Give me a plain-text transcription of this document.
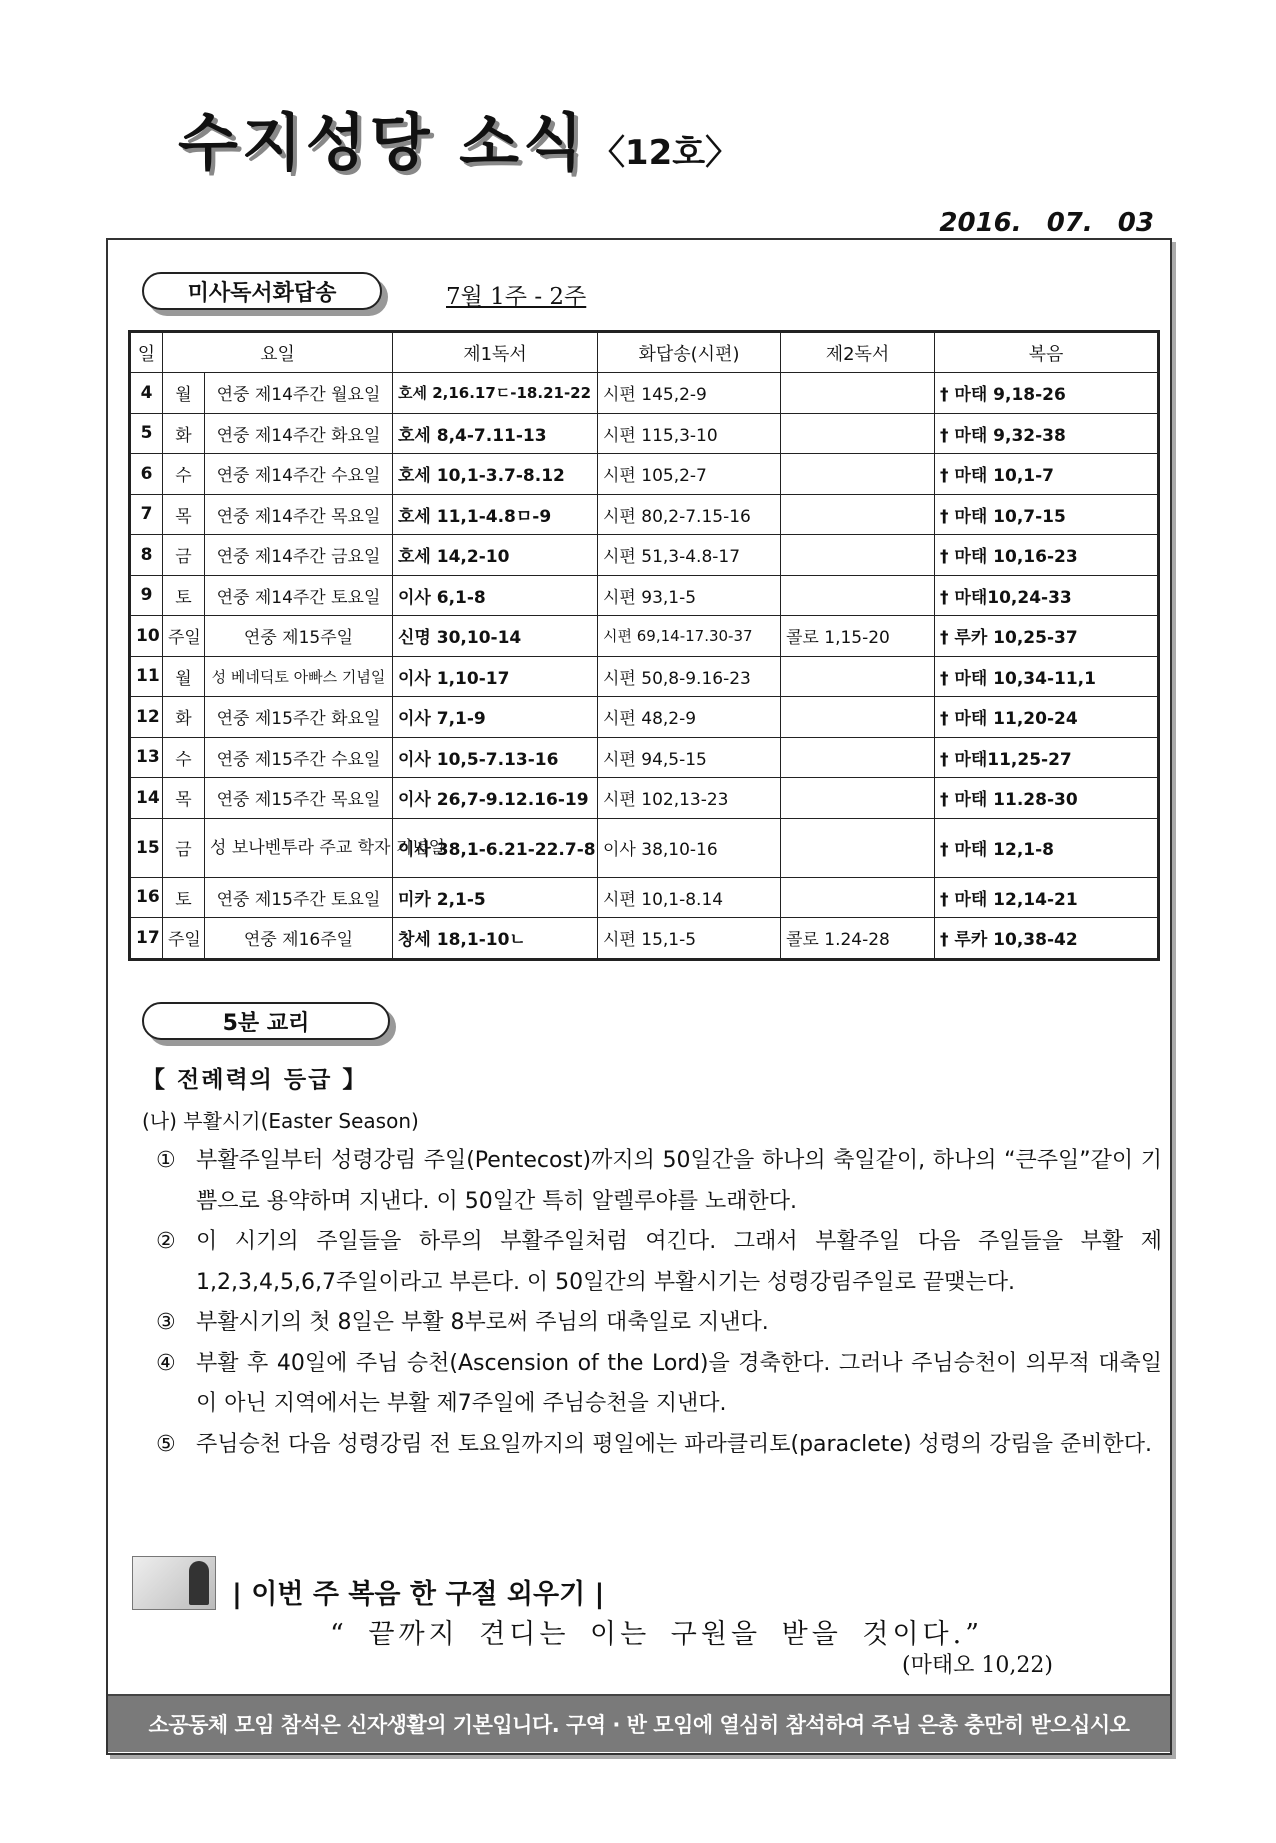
수지성당 소식 〈12호〉
2016. 07. 03
미사독서화답송	7월 1주 - 2주
일	요일		제1독서	화답송(시편)	제2독서	복음
4	월	연중 제14주간 월요일	호세 2,16.17ㄷ-18.21-22	시편 145,2-9		† 마태 9,18-26
5	화	연중 제14주간 화요일	호세 8,4-7.11-13	시편 115,3-10		† 마태 9,32-38
6	수	연중 제14주간 수요일	호세 10,1-3.7-8.12	시편 105,2-7		† 마태 10,1-7
7	목	연중 제14주간 목요일	호세 11,1-4.8ㅁ-9	시편 80,2-7.15-16		† 마태 10,7-15
8	금	연중 제14주간 금요일	호세 14,2-10	시편 51,3-4.8-17		† 마태 10,16-23
9	토	연중 제14주간 토요일	이사 6,1-8	시편 93,1-5		† 마태10,24-33
10	주일	연중 제15주일	신명 30,10-14	시편 69,14-17.30-37	콜로 1,15-20	† 루카 10,25-37
11	월	성 베네딕토 아빠스 기념일	이사 1,10-17	시편 50,8-9.16-23		† 마태 10,34-11,1
12	화	연중 제15주간 화요일	이사 7,1-9	시편 48,2-9		† 마태 11,20-24
13	수	연중 제15주간 수요일	이사 10,5-7.13-16	시편 94,5-15		† 마태11,25-27
14	목	연중 제15주간 목요일	이사 26,7-9.12.16-19	시편 102,13-23		† 마태 11.28-30
15	금	성 보나벤투라 주교 학자 기념일	이사 38,1-6.21-22.7-8	이사 38,10-16		† 마태 12,1-8
16	토	연중 제15주간 토요일	미카 2,1-5	시편 10,1-8.14		† 마태 12,14-21
17	주일	연중 제16주일	창세 18,1-10ㄴ	시편 15,1-5	콜로 1.24-28	† 루카 10,38-42
5분 교리
【 전례력의 등급 】
(나) 부활시기(Easter Season)
① 부활주일부터 성령강림 주일(Pentecost)까지의 50일간을 하나의 축일같이, 하나의 “큰주일”같이 기쁨으로 용약하며 지낸다. 이 50일간 특히 알렐루야를 노래한다.
② 이 시기의 주일들을 하루의 부활주일처럼 여긴다. 그래서 부활주일 다음 주일들을 부활 제1,2,3,4,5,6,7주일이라고 부른다. 이 50일간의 부활시기는 성령강림주일로 끝맺는다.
③ 부활시기의 첫 8일은 부활 8부로써 주님의 대축일로 지낸다.
④ 부활 후 40일에 주님 승천(Ascension of the Lord)을 경축한다. 그러나 주님승천이 의무적 대축일이 아닌 지역에서는 부활 제7주일에 주님승천을 지낸다.
⑤ 주님승천 다음 성령강림 전 토요일까지의 평일에는 파라클리토(paraclete) 성령의 강림을 준비한다.
| 이번 주 복음 한 구절 외우기 |
“ 끝까지 견디는 이는 구원을 받을 것이다.”
(마태오 10,22)
소공동체 모임 참석은 신자생활의 기본입니다. 구역 · 반 모임에 열심히 참석하여 주님 은총 충만히 받으십시오
